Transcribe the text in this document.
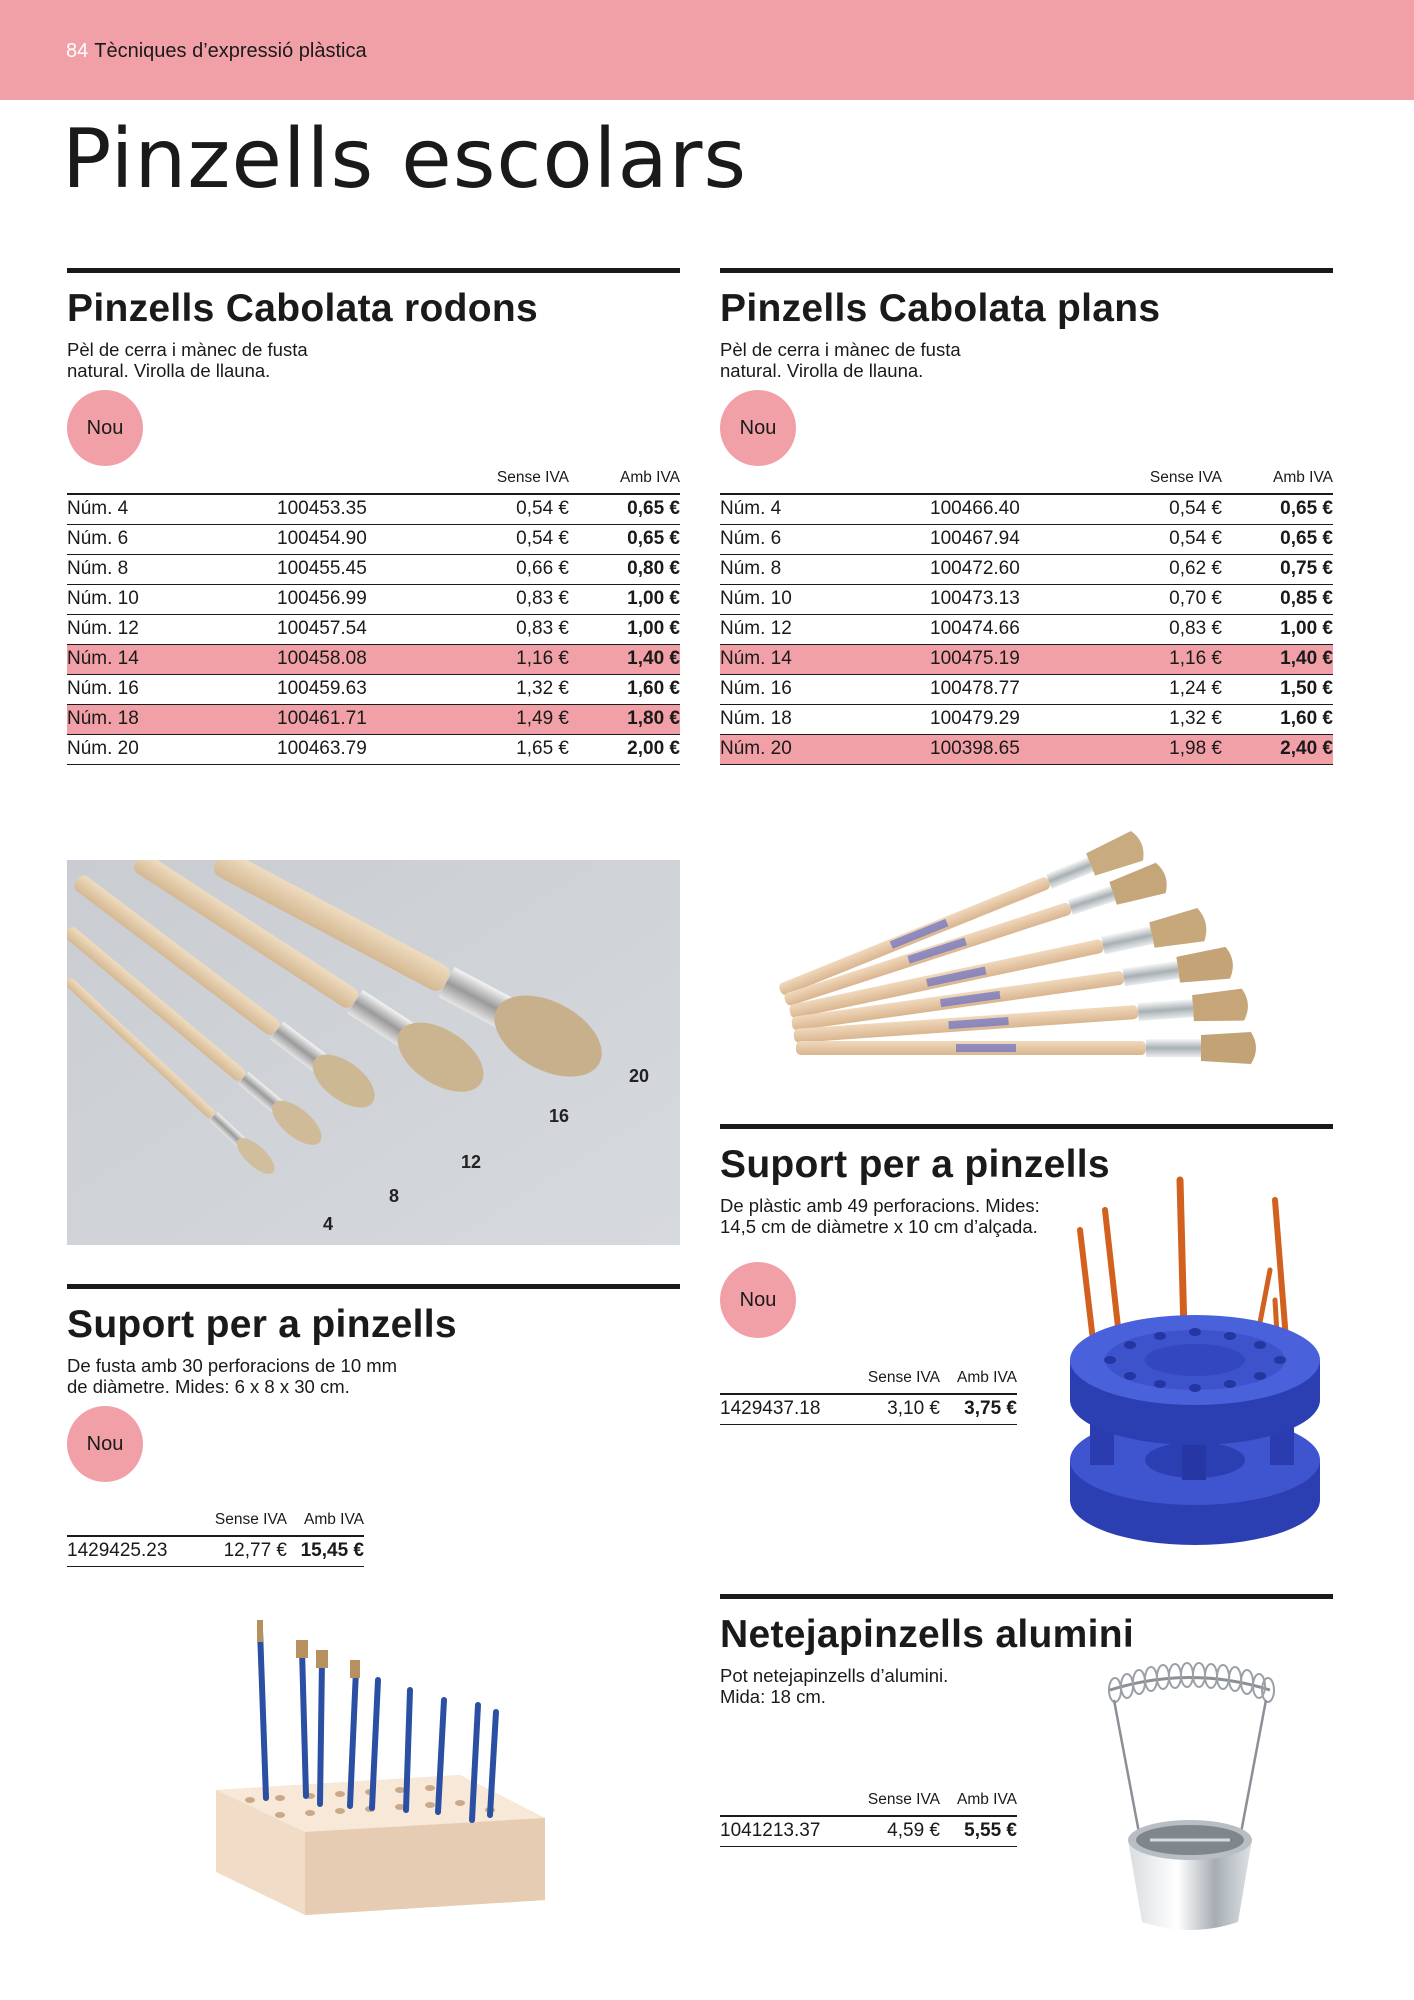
84 Tècniques d’expressió plàstica
Pinzells escolars
Pinzells Cabolata rodons
Pèl de cerra i mànec de fusta
natural. Virolla de llauna.
Nou
		Sense IVA	Amb IVA
Núm. 4	100453.35	0,54 €	0,65 €
Núm. 6	100454.90	0,54 €	0,65 €
Núm. 8	100455.45	0,66 €	0,80 €
Núm. 10	100456.99	0,83 €	1,00 €
Núm. 12	100457.54	0,83 €	1,00 €
Núm. 14	100458.08	1,16 €	1,40 €
Núm. 16	100459.63	1,32 €	1,60 €
Núm. 18	100461.71	1,49 €	1,80 €
Núm. 20	100463.79	1,65 €	2,00 €
4
8
12
16
20
Pinzells Cabolata plans
Pèl de cerra i mànec de fusta
natural. Virolla de llauna.
Nou
		Sense IVA	Amb IVA
Núm. 4	100466.40	0,54 €	0,65 €
Núm. 6	100467.94	0,54 €	0,65 €
Núm. 8	100472.60	0,62 €	0,75 €
Núm. 10	100473.13	0,70 €	0,85 €
Núm. 12	100474.66	0,83 €	1,00 €
Núm. 14	100475.19	1,16 €	1,40 €
Núm. 16	100478.77	1,24 €	1,50 €
Núm. 18	100479.29	1,32 €	1,60 €
Núm. 20	100398.65	1,98 €	2,40 €
Suport per a pinzells
De fusta amb 30 perforacions de 10 mm
de diàmetre. Mides: 6 x 8 x 30 cm.
Nou
	Sense IVA	Amb IVA
1429425.23	12,77 €	15,45 €
Suport per a pinzells
De plàstic amb 49 perforacions. Mides:
14,5 cm de diàmetre x 10 cm d’alçada.
Nou
	Sense IVA	Amb IVA
1429437.18	3,10 €	3,75 €
Netejapinzells alumini
Pot netejapinzells d’alumini.
Mida: 18 cm.
	Sense IVA	Amb IVA
1041213.37	4,59 €	5,55 €
